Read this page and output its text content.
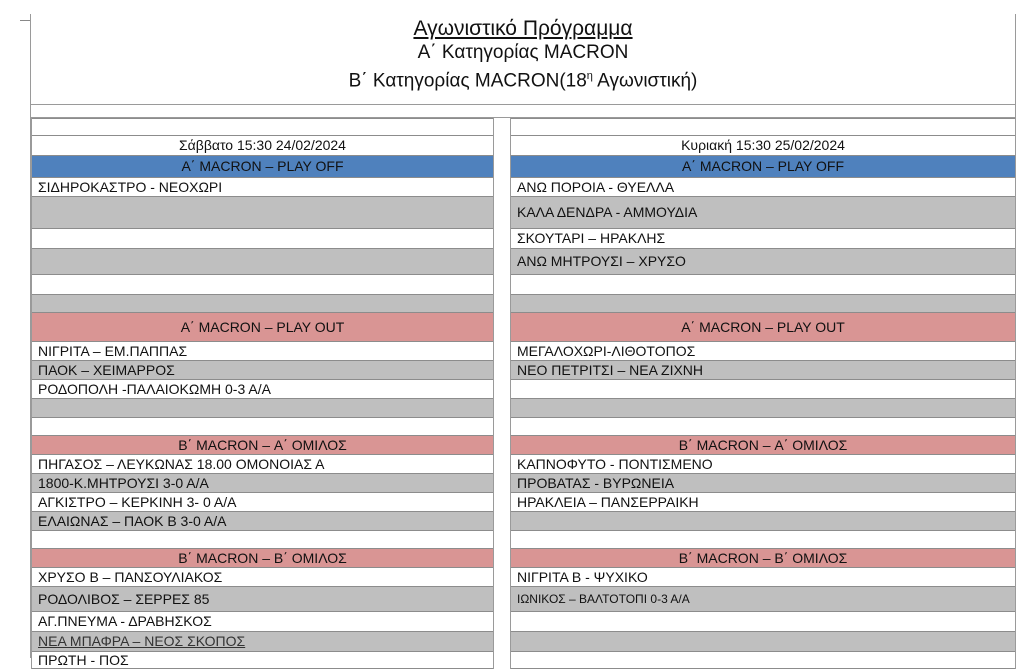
Αγωνιστικό Πρόγραμμα
Α΄ Κατηγορίας MACRON
Β΄ Κατηγορίας $MACRON(18^\eta$ Αγωνιστική)
Σάββατο 15:30 24/02/2024
Α΄ MACRON – PLAY OFF
ΣΙΔΗΡΟΚΑΣΤΡΟ - ΝΕΟΧΩΡΙ
Α΄ MACRON – PLAY OUT
ΝΙΓΡΙΤΑ – ΕΜ.ΠΑΠΠΑΣ
ΠΑΟΚ – ΧΕΙΜΑΡΡΟΣ
ΡΟΔΟΠΟΛΗ -ΠΑΛΑΙΟΚΩΜΗ 0-3 Α/Α
Β΄ MACRON – Α΄ ΟΜΙΛΟΣ
ΠΗΓΑΣΟΣ – ΛΕΥΚΩΝΑΣ 18.00 ΟΜΟΝΟΙΑΣ Α
1800-Κ.ΜΗΤΡΟΥΣΙ 3-0 Α/Α
ΑΓΚΙΣΤΡΟ – ΚΕΡΚΙΝΗ 3- 0 Α/Α
ΕΛΑΙΩΝΑΣ – ΠΑΟΚ Β 3-0 Α/Α
Β΄ MACRON – Β΄ ΟΜΙΛΟΣ
ΧΡΥΣΟ Β – ΠΑΝΣΟΥΛΙΑΚΟΣ
ΡΟΔΟΛΙΒΟΣ – ΣΕΡΡΕΣ 85
ΑΓ.ΠΝΕΥΜΑ - ΔΡΑΒΗΣΚΟΣ
ΝΕΑ ΜΠΑΦΡΑ – ΝΕΟΣ ΣΚΟΠΟΣ
ΠΡΩΤΗ - ΠΟΣ
Κυριακή 15:30 25/02/2024
Α΄ MACRON – PLAY OFF
ΑΝΩ ΠΟΡΟΙΑ - ΘΥΕΛΛΑ
ΚΑΛΑ ΔΕΝΔΡΑ - ΑΜΜΟΥΔΙΑ
ΣΚΟΥΤΑΡΙ – ΗΡΑΚΛΗΣ
ΑΝΩ ΜΗΤΡΟΥΣΙ – ΧΡΥΣΟ
Α΄ MACRON – PLAY OUT
ΜΕΓΑΛΟΧΩΡΙ-ΛΙΘΟΤΟΠΟΣ
ΝΕΟ ΠΕΤΡΙΤΣΙ – ΝΕΑ ΖΙΧΝΗ
Β΄ MACRON – Α΄ ΟΜΙΛΟΣ
ΚΑΠΝΟΦΥΤΟ - ΠΟΝΤΙΣΜΕΝΟ
ΠΡΟΒΑΤΑΣ - ΒΥΡΩΝΕΙΑ
ΗΡΑΚΛΕΙΑ – ΠΑΝΣΕΡΡΑΙΚΗ
Β΄ MACRON – Β΄ ΟΜΙΛΟΣ
ΝΙΓΡΙΤΑ Β - ΨΥΧΙΚΟ
ΙΩΝΙΚΟΣ – ΒΑΛΤΟΤΟΠΙ 0-3 Α/Α
